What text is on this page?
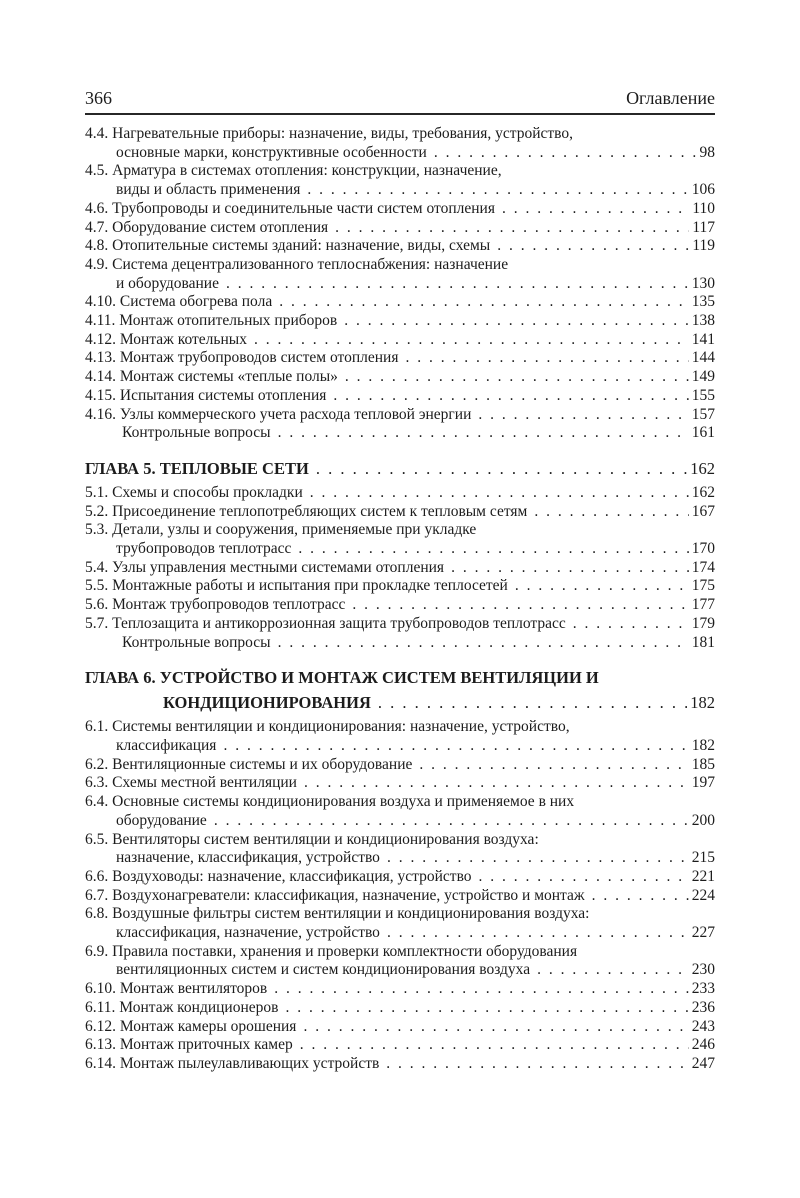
366	Оглавление
4.4. Нагревательные приборы: назначение, виды, требования, устройство,
основные марки, конструктивные особенности . . .	98
4.5. Арматура в системах отопления: конструкции, назначение,
виды и область применения . . .	106
4.6. Трубопроводы и соединительные части систем отопления . . .	110
4.7. Оборудование систем отопления . . .	117
4.8. Отопительные системы зданий: назначение, виды, схемы . . .	119
4.9. Система децентрализованного теплоснабжения: назначение
и оборудование . . .	130
4.10. Система обогрева пола . . .	135
4.11. Монтаж отопительных приборов . . .	138
4.12. Монтаж котельных . . .	141
4.13. Монтаж трубопроводов систем отопления . . .	144
4.14. Монтаж системы «теплые полы» . . .	149
4.15. Испытания системы отопления . . .	155
4.16. Узлы коммерческого учета расхода тепловой энергии . . .	157
Контрольные вопросы . . .	161
ГЛАВА 5. ТЕПЛОВЫЕ СЕТИ . . .	162
5.1. Схемы и способы прокладки . . .	162
5.2. Присоединение теплопотребляющих систем к тепловым сетям . . .	167
5.3. Детали, узлы и сооружения, применяемые при укладке
трубопроводов теплотрасс . . .	170
5.4. Узлы управления местными системами отопления . . .	174
5.5. Монтажные работы и испытания при прокладке теплосетей . . .	175
5.6. Монтаж трубопроводов теплотрасс . . .	177
5.7. Теплозащита и антикоррозионная защита трубопроводов теплотрасс . . .	179
Контрольные вопросы . . .	181
ГЛАВА 6. УСТРОЙСТВО И МОНТАЖ СИСТЕМ ВЕНТИЛЯЦИИ И
КОНДИЦИОНИРОВАНИЯ . . .	182
6.1. Системы вентиляции и кондиционирования: назначение, устройство,
классификация . . .	182
6.2. Вентиляционные системы и их оборудование . . .	185
6.3. Схемы местной вентиляции . . .	197
6.4. Основные системы кондиционирования воздуха и применяемое в них
оборудование . . .	200
6.5. Вентиляторы систем вентиляции и кондиционирования воздуха:
назначение, классификация, устройство . . .	215
6.6. Воздуховоды: назначение, классификация, устройство . . .	221
6.7. Воздухонагреватели: классификация, назначение, устройство и монтаж . . .	224
6.8. Воздушные фильтры систем вентиляции и кондиционирования воздуха:
классификация, назначение, устройство . . .	227
6.9. Правила поставки, хранения и проверки комплектности оборудования
вентиляционных систем и систем кондиционирования воздуха . . .	230
6.10. Монтаж вентиляторов . . .	233
6.11. Монтаж кондиционеров . . .	236
6.12. Монтаж камеры орошения . . .	243
6.13. Монтаж приточных камер . . .	246
6.14. Монтаж пылеулавливающих устройств . . .	247
